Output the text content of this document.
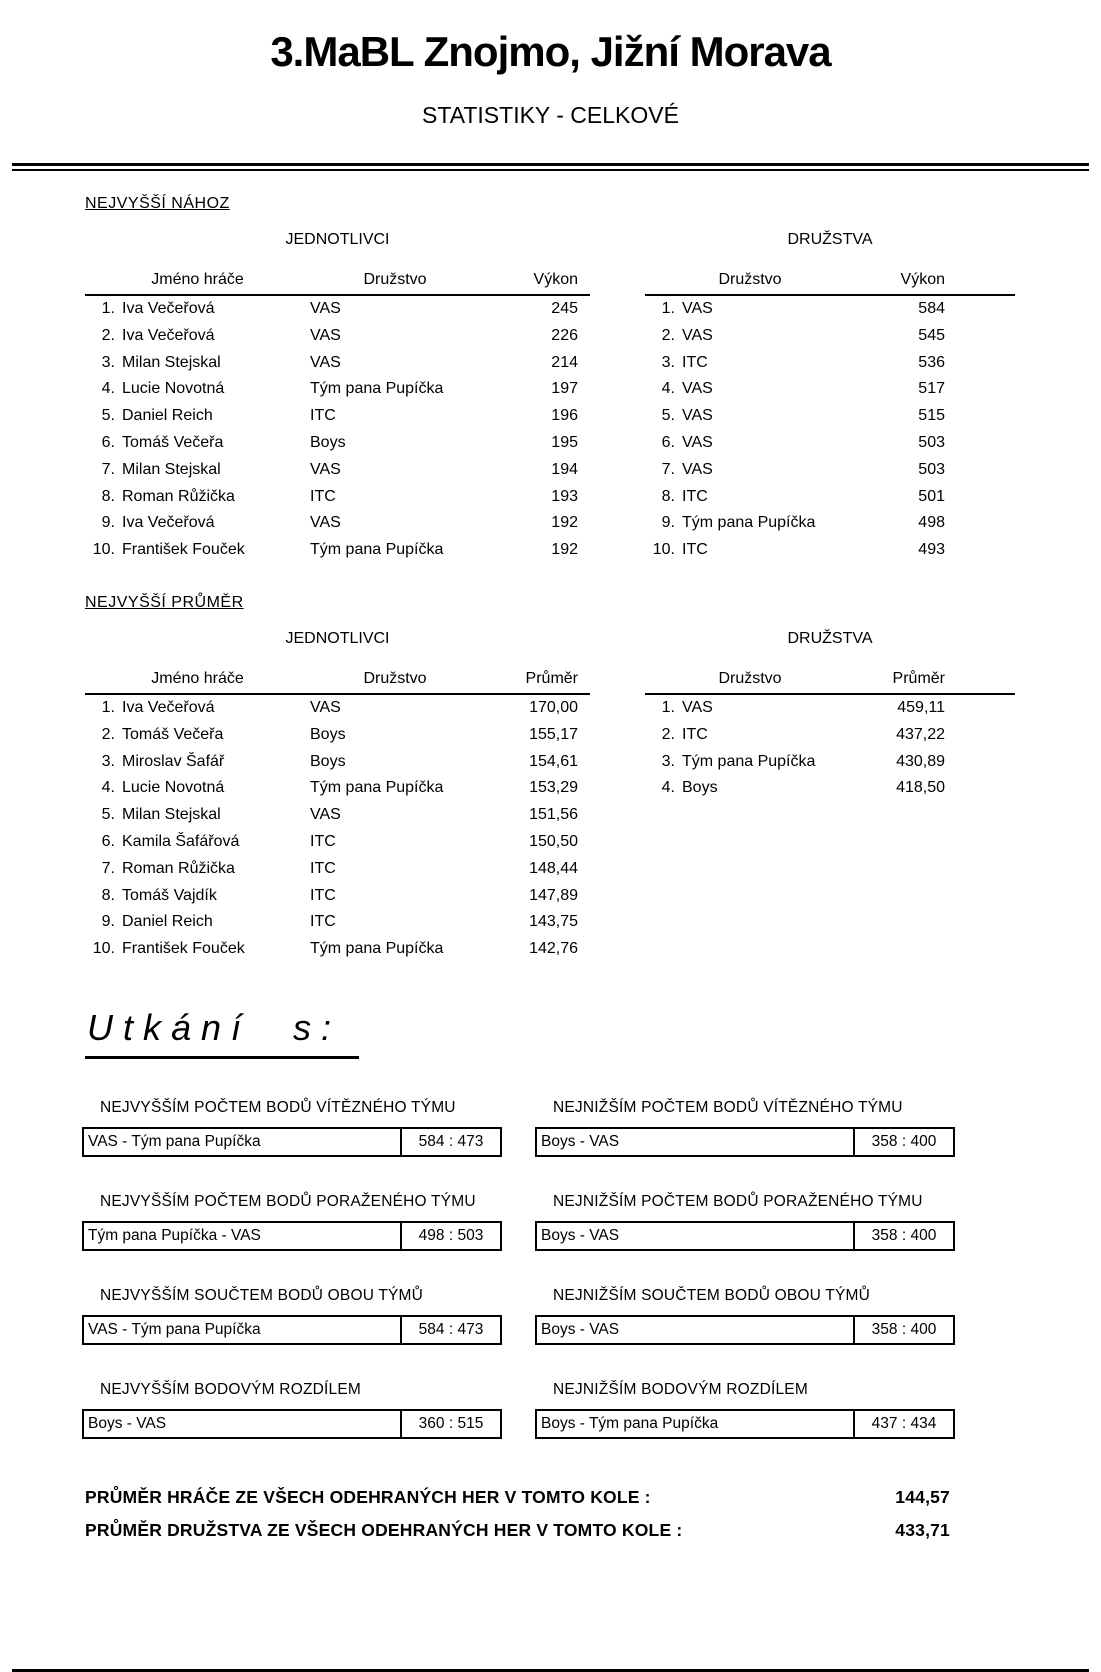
3.MaBL Znojmo, Jižní Morava
STATISTIKY - CELKOVÉ
NEJVYŠŠÍ NÁHOZ
JEDNOTLIVCI
Jméno hráče	Družstvo	Výkon
1. Iva Večeřová	VAS	245
2. Iva Večeřová	VAS	226
3. Milan Stejskal	VAS	214
4. Lucie Novotná	Tým pana Pupíčka	197
5. Daniel Reich	ITC	196
6. Tomáš Večeřa	Boys	195
7. Milan Stejskal	VAS	194
8. Roman Růžička	ITC	193
9. Iva Večeřová	VAS	192
10. František Fouček	Tým pana Pupíčka	192
DRUŽSTVA
Družstvo	Výkon
1. VAS	584
2. VAS	545
3. ITC	536
4. VAS	517
5. VAS	515
6. VAS	503
7. VAS	503
8. ITC	501
9. Tým pana Pupíčka	498
10. ITC	493
NEJVYŠŠÍ PRŮMĚR
JEDNOTLIVCI
Jméno hráče	Družstvo	Průměr
1. Iva Večeřová	VAS	170,00
2. Tomáš Večeřa	Boys	155,17
3. Miroslav Šafář	Boys	154,61
4. Lucie Novotná	Tým pana Pupíčka	153,29
5. Milan Stejskal	VAS	151,56
6. Kamila Šafářová	ITC	150,50
7. Roman Růžička	ITC	148,44
8. Tomáš Vajdík	ITC	147,89
9. Daniel Reich	ITC	143,75
10. František Fouček	Tým pana Pupíčka	142,76
DRUŽSTVA
Družstvo	Průměr
1. VAS	459,11
2. ITC	437,22
3. Tým pana Pupíčka	430,89
4. Boys	418,50
Utkání s:
NEJVYŠŠÍM POČTEM BODŮ VÍTĚZNÉHO TÝMU
VAS - Tým pana Pupíčka	584 : 473
NEJNIŽŠÍM POČTEM BODŮ VÍTĚZNÉHO TÝMU
Boys - VAS	358 : 400
NEJVYŠŠÍM POČTEM BODŮ PORAŽENÉHO TÝMU
Tým pana Pupíčka - VAS	498 : 503
NEJNIŽŠÍM POČTEM BODŮ PORAŽENÉHO TÝMU
Boys - VAS	358 : 400
NEJVYŠŠÍM SOUČTEM BODŮ OBOU TÝMŮ
VAS - Tým pana Pupíčka	584 : 473
NEJNIŽŠÍM SOUČTEM BODŮ OBOU TÝMŮ
Boys - VAS	358 : 400
NEJVYŠŠÍM BODOVÝM ROZDÍLEM
Boys - VAS	360 : 515
NEJNIŽŠÍM BODOVÝM ROZDÍLEM
Boys - Tým pana Pupíčka	437 : 434
PRŮMĚR HRÁČE ZE VŠECH ODEHRANÝCH HER V TOMTO KOLE :	144,57
PRŮMĚR DRUŽSTVA ZE VŠECH ODEHRANÝCH HER V TOMTO KOLE :	433,71
